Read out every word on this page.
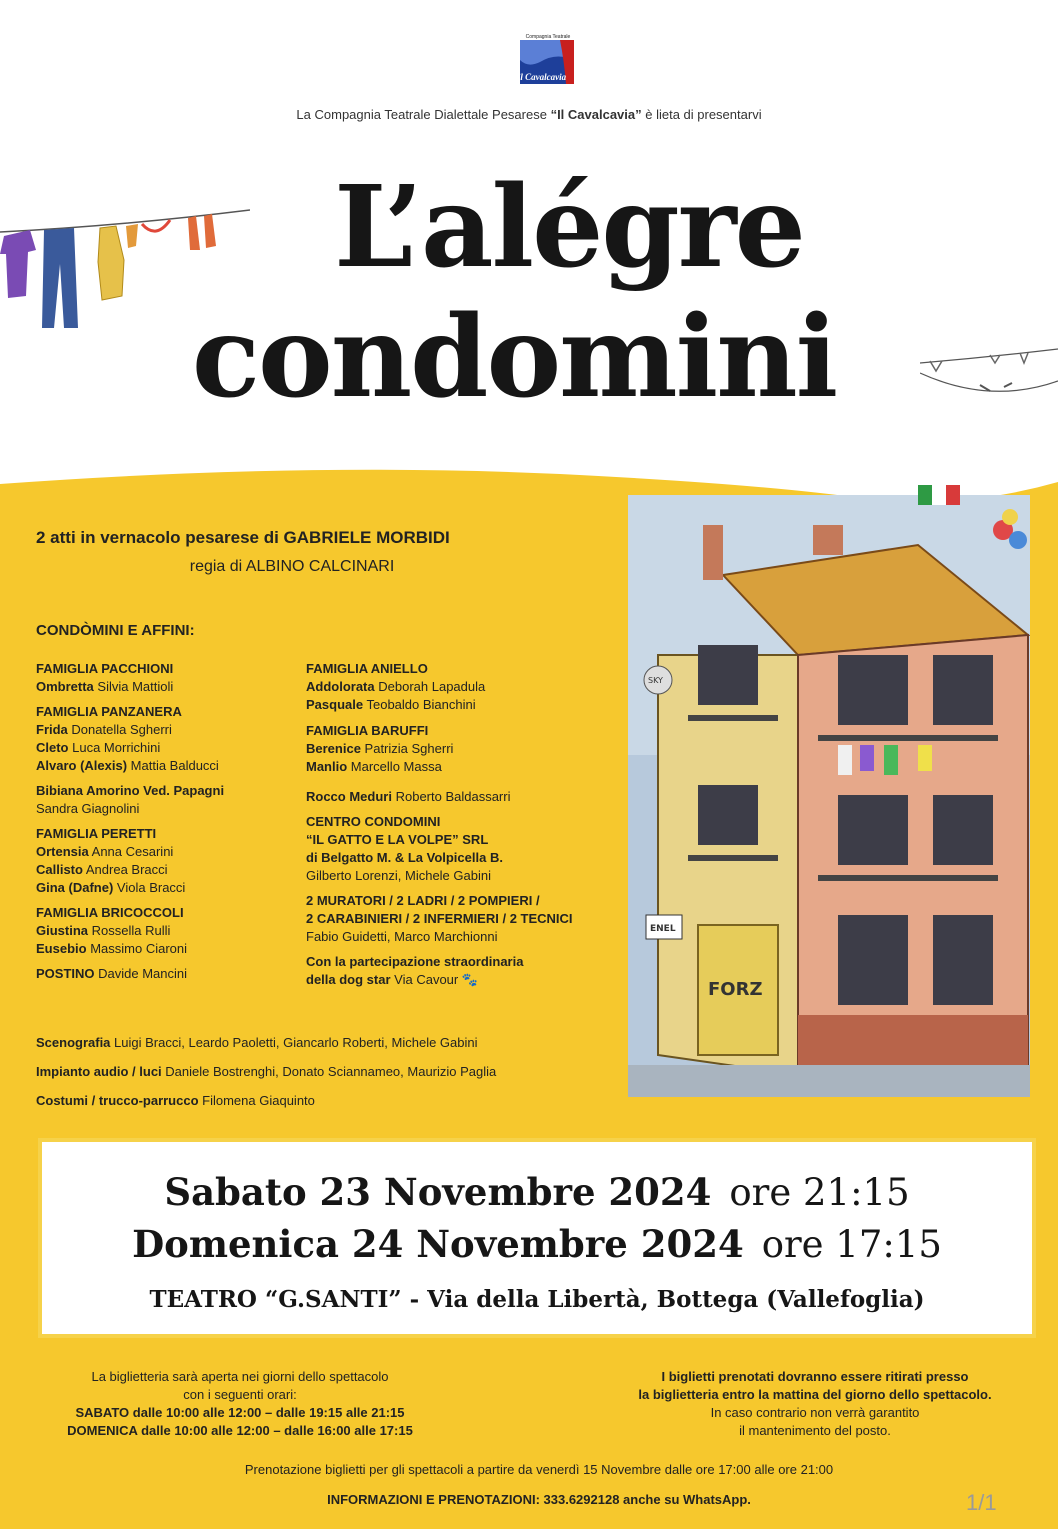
Compagnia Teatrale
il Cavalcavia
La Compagnia Teatrale Dialettale Pesarese “Il Cavalcavia” è lieta di presentarvi
L’alégre
condomini
2 atti in vernacolo pesarese di GABRIELE MORBIDI
regia di ALBINO CALCINARI
CONDÒMINI E AFFINI:
FAMIGLIA PACCHIONI
Ombretta Silvia Mattioli
FAMIGLIA PANZANERA
Frida Donatella Sgherri
Cleto Luca Morrichini
Alvaro (Alexis) Mattia Balducci
Bibiana Amorino Ved. Papagni
Sandra Giagnolini
FAMIGLIA PERETTI
Ortensia Anna Cesarini
Callisto Andrea Bracci
Gina (Dafne) Viola Bracci
FAMIGLIA BRICOCCOLI
Giustina Rossella Rulli
Eusebio Massimo Ciaroni
POSTINO Davide Mancini
FAMIGLIA ANIELLO
Addolorata Deborah Lapadula
Pasquale Teobaldo Bianchini
FAMIGLIA BARUFFI
Berenice Patrizia Sgherri
Manlio Marcello Massa
Rocco Meduri Roberto Baldassarri
CENTRO CONDOMINI
“IL GATTO E LA VOLPE” SRL
di Belgatto M. & La Volpicella B.
Gilberto Lorenzi, Michele Gabini
2 MURATORI / 2 LADRI / 2 POMPIERI /
2 CARABINIERI / 2 INFERMIERI / 2 TECNICI
Fabio Guidetti, Marco Marchionni
Con la partecipazione straordinaria
della dog star Via Cavour 🐾
Scenografia Luigi Bracci, Leardo Paoletti, Giancarlo Roberti, Michele Gabini
Impianto audio / luci Daniele Bostrenghi, Donato Sciannameo, Maurizio Paglia
Costumi / trucco-parrucco Filomena Giaquinto
FORZ
ENEL
SKY
Sabato 23 Novembre 2024 ore 21:15
Domenica 24 Novembre 2024 ore 17:15
TEATRO “G.SANTI” - Via della Libertà, Bottega (Vallefoglia)
La biglietteria sarà aperta nei giorni dello spettacolo
con i seguenti orari:
SABATO dalle 10:00 alle 12:00 – dalle 19:15 alle 21:15
DOMENICA dalle 10:00 alle 12:00 – dalle 16:00 alle 17:15
I biglietti prenotati dovranno essere ritirati presso
la biglietteria entro la mattina del giorno dello spettacolo.
In caso contrario non verrà garantito
il mantenimento del posto.
Prenotazione biglietti per gli spettacoli a partire da venerdì 15 Novembre dalle ore 17:00 alle ore 21:00
INFORMAZIONI E PRENOTAZIONI: 333.6292128 anche su WhatsApp.	1/1
